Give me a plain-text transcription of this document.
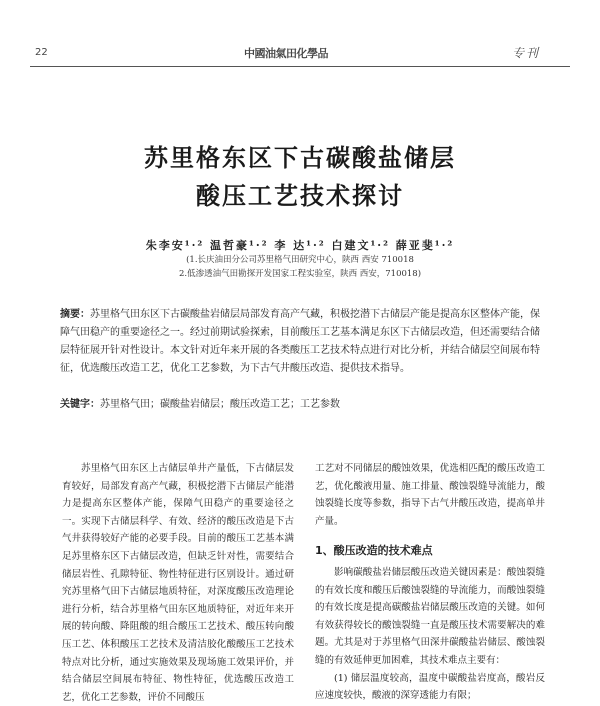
22	中國油氣田化學品	专刊
苏里格东区下古碳酸盐储层
酸压工艺技术探讨
朱李安¹·² 温哲豪¹·² 李 达¹·² 白建文¹·² 薛亚斐¹·²
(1.长庆油田分公司苏里格气田研究中心，陕西 西安 710018
2.低渗透油气田勘探开发国家工程实验室，陕西 西安，710018)
摘要：苏里格气田东区下古碳酸盐岩储层局部发育高产气藏，积极挖潜下古储层产能是提高东区整体产能，保障气田稳产的重要途径之一。经过前期试验探索，目前酸压工艺基本满足东区下古储层改造，但还需要结合储层特征展开针对性设计。本文针对近年来开展的各类酸压工艺技术特点进行对比分析，并结合储层空间展布特征，优选酸压改造工艺，优化工艺参数，为下古气井酸压改造、提供技术指导。
关键字：苏里格气田；碳酸盐岩储层；酸压改造工艺；工艺参数
苏里格气田东区上古储层单井产量低，下古储层发育较好，局部发育高产气藏，积极挖潜下古储层产能潜力是提高东区整体产能，保障气田稳产的重要途径之一。实现下古储层科学、有效、经济的酸压改造是下古气井获得较好产能的必要手段。目前的酸压工艺基本满足苏里格东区下古储层改造，但缺乏针对性，需要结合储层岩性、孔隙特征、物性特征进行区别设计。通过研究苏里格气田下古储层地质特征，对深度酸压改造理论进行分析，结合苏里格气田东区地质特征，对近年来开展的转向酸、降阻酸的组合酸压工艺技术、酸压转向酸压工艺、体积酸压工艺技术及清洁胶化酸酸压工艺技术特点对比分析，通过实施效果及现场施工效果评价，并结合储层空间展布特征、物性特征，优选酸压改造工艺，优化工艺参数，评价不同酸压

工艺对不同储层的酸蚀效果，优选相匹配的酸压改造工艺，优化酸液用量、施工排量、酸蚀裂缝导流能力，酸蚀裂缝长度等参数，指导下古气井酸压改造，提高单井产量。

1、酸压改造的技术难点

影响碳酸盐岩储层酸压改造关键因素是：酸蚀裂缝的有效长度和酸压后酸蚀裂缝的导流能力，而酸蚀裂缝的有效长度是提高碳酸盐岩储层酸压改造的关键。如何有效获得较长的酸蚀裂缝一直是酸压技术需要解决的难题。尤其是对于苏里格气田深井碳酸盐岩储层、酸蚀裂缝的有效延伸更加困难，其技术难点主要有：

(1) 储层温度较高，温度中碳酸盐岩度高，酸岩反应速度较快，酸液的深穿透能力有限；
